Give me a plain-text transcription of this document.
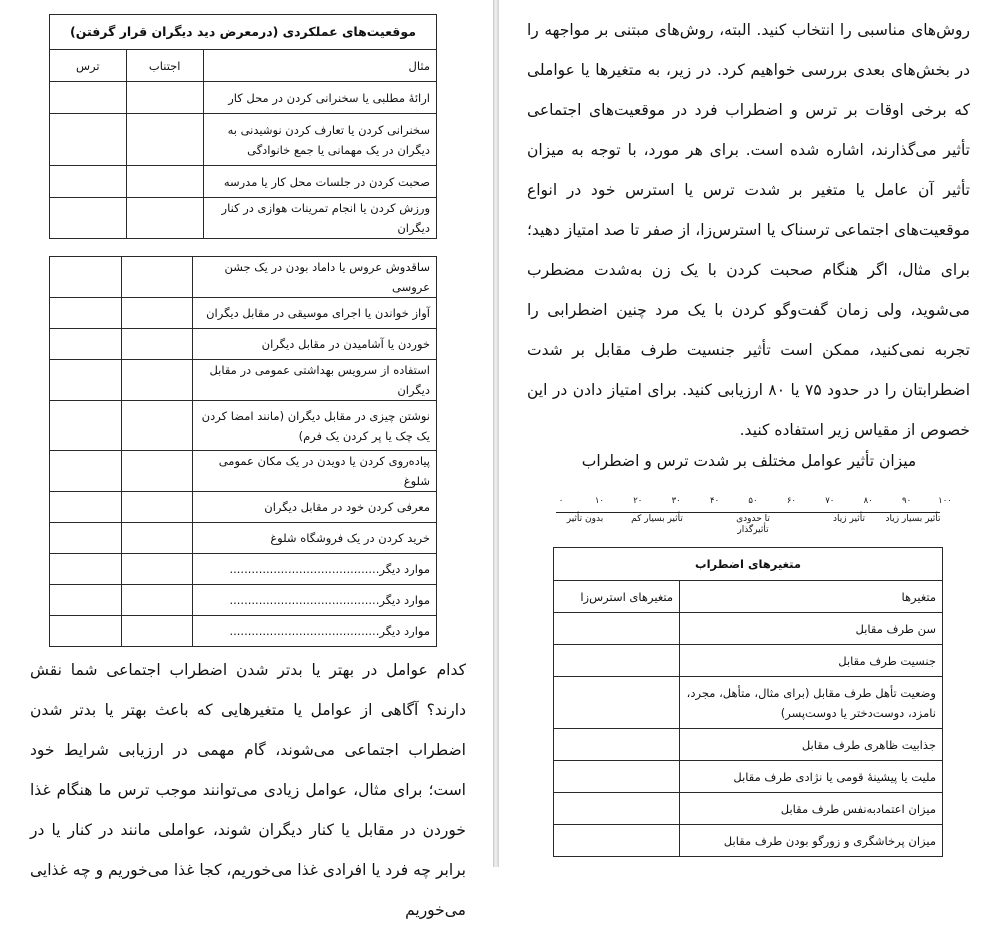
موقعیت‌های عملکردی (درمعرض دید دیگران قرار گرفتن)		
مثال	اجتناب	ترس
ارائهٔ مطلبی یا سخنرانی کردن در محل کار		
سخنرانی کردن یا تعارف کردن نوشیدنی به دیگران در یک مهمانی یا جمع خانوادگی		
صحبت کردن در جلسات محل کار یا مدرسه		
ورزش کردن یا انجام تمرینات هوازی در کنار دیگران		
ساقدوش عروس یا داماد بودن در یک جشن عروسی		
آواز خواندن یا اجرای موسیقی در مقابل دیگران		
خوردن یا آشامیدن در مقابل دیگران		
استفاده از سرویس بهداشتی عمومی در مقابل دیگران		
نوشتن چیزی در مقابل دیگران (مانند امضا کردن یک چک یا پر کردن یک فرم)		
پیاده‌روی کردن یا دویدن در یک مکان عمومی شلوغ		
معرفی کردن خود در مقابل دیگران		
خرید کردن در یک فروشگاه شلوغ		
موارد دیگر.........................................		
موارد دیگر.........................................		
موارد دیگر.........................................		
کدام عوامل در بهتر یا بدتر شدن اضطراب اجتماعی شما نقش دارند؟ آگاهی از عوامل یا متغیرهایی که باعث بهتر یا بدتر شدن اضطراب اجتماعی می‌شوند، گام مهمی در ارزیابی شرایط خود است؛ برای مثال، عوامل زیادی می‌توانند موجب ترس ما هنگام غذا خوردن در مقابل یا کنار دیگران شوند، عواملی مانند در کنار یا در برابر چه فرد یا افرادی غذا می‌خوریم، کجا غذا می‌خوریم و چه غذایی می‌خوریم
روش‌های مناسبی را انتخاب کنید. البته، روش‌های مبتنی بر مواجهه را در بخش‌های بعدی بررسی خواهیم کرد. در زیر، به متغیرها یا عواملی که برخی اوقات بر ترس و اضطراب فرد در موقعیت‌های اجتماعی تأثیر می‌گذارند، اشاره شده است. برای هر مورد، با توجه به میزان تأثیر آن عامل یا متغیر بر شدت ترس یا استرس خود در انواع موقعیت‌های اجتماعی ترسناک یا استرس‌زا، از صفر تا صد امتیاز دهید؛ برای مثال، اگر هنگام صحبت کردن با یک زن به‌شدت مضطرب می‌شوید، ولی زمان گفت‌وگو کردن با یک مرد چنین اضطرابی را تجربه نمی‌کنید، ممکن است تأثیر جنسیت طرف مقابل بر شدت اضطرابتان را در حدود ۷۵ یا ۸۰ ارزیابی کنید. برای امتیاز دادن در این خصوص از مقیاس زیر استفاده کنید.
میزان تأثیر عوامل مختلف بر شدت ترس و اضطراب
۰	۱۰	۲۰	۳۰	۴۰	۵۰	۶۰	۷۰	۸۰	۹۰	۱۰۰
بدون تأثیر	تأثیر بسیار کم	تا حدودی تأثیرگذار
تأثیر زیاد	تأثیر بسیار زیاد
متغیرهای اضطراب	
متغیرها	متغیرهای استرس‌زا
سن طرف مقابل	
جنسیت طرف مقابل	
وضعیت تأهل طرف مقابل (برای مثال، متأهل، مجرد، نامزد، دوست‌دختر یا دوست‌پسر)	
جذابیت ظاهری طرف مقابل	
ملیت یا پیشینهٔ قومی یا نژادی طرف مقابل	
میزان اعتماد‌به‌نفس طرف مقابل	
میزان پرخاشگری و زورگو بودن طرف مقابل	
